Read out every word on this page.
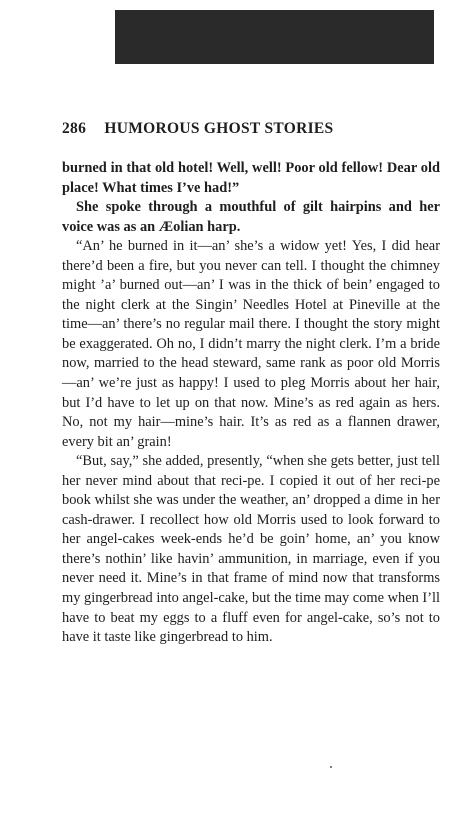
286 HUMOROUS GHOST STORIES

burned in that old hotel! Well, well! Poor old fellow! Dear old place! What times I’ve had!”

She spoke through a mouthful of gilt hairpins and her voice was as an Æolian harp.

“An’ he burned in it—an’ she’s a widow yet! Yes, I did hear there’d been a fire, but you never can tell. I thought the chimney might ’a’ burned out—an’ I was in the thick of bein’ engaged to the night clerk at the Singin’ Needles Hotel at Pineville at the time—an’ there’s no regular mail there. I thought the story might be exaggerated. Oh no, I didn’t marry the night clerk. I’m a bride now, married to the head steward, same rank as poor old Morris—an’ we’re just as happy! I used to pleg Morris about her hair, but I’d have to let up on that now. Mine’s as red again as hers. No, not my hair—mine’s hair. It’s as red as a flannen drawer, every bit an’ grain!

“But, say,” she added, presently, “when she gets better, just tell her never mind about that reci-pe. I copied it out of her reci-pe book whilst she was under the weather, an’ dropped a dime in her cash-drawer. I recollect how old Morris used to look forward to her angel-cakes week-ends he’d be goin’ home, an’ you know there’s nothin’ like havin’ ammunition, in marriage, even if you never need it. Mine’s in that frame of mind now that transforms my gingerbread into angel-cake, but the time may come when I’ll have to beat my eggs to a fluff even for angel-cake, so’s not to have it taste like gingerbread to him.
